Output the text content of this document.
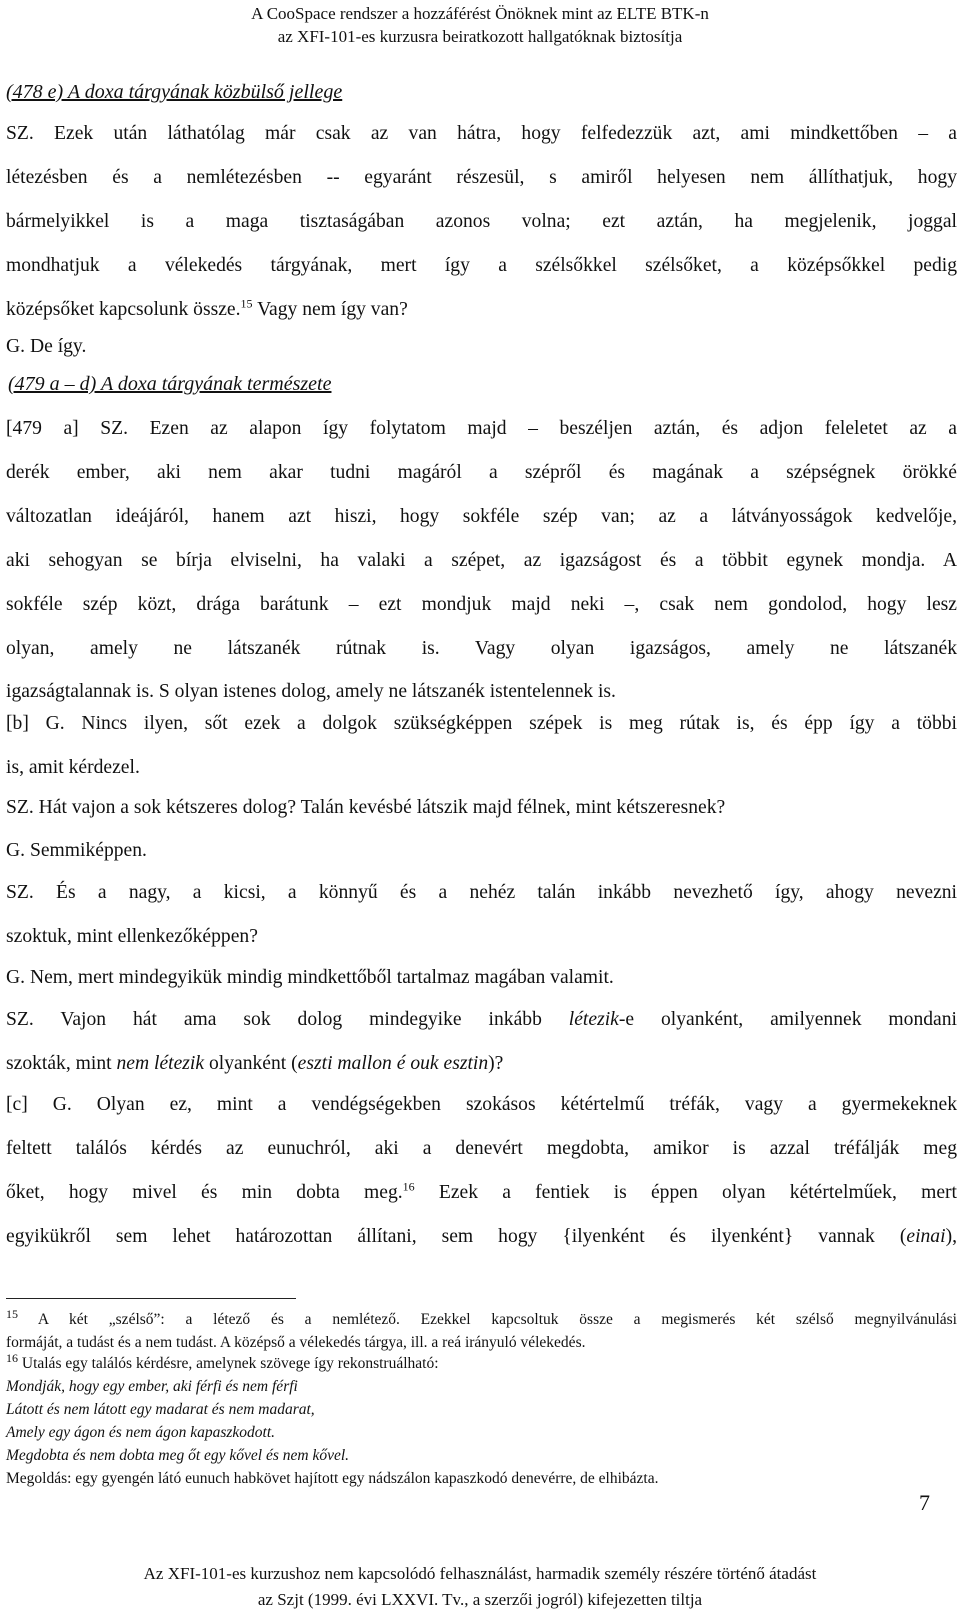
A CooSpace rendszer a hozzáférést Önöknek mint az ELTE BTK-n
az XFI-101-es kurzusra beiratkozott hallgatóknak biztosítja
(478 e) A doxa tárgyának közbülső jellege
SZ. Ezek után láthatólag már csak az van hátra, hogy felfedezzük azt, ami mindkettőben – a
létezésben és a nemlétezésben -- egyaránt részesül, s amiről helyesen nem állíthatjuk, hogy
bármelyikkel is a maga tisztaságában azonos volna; ezt aztán, ha megjelenik, joggal
mondhatjuk a vélekedés tárgyának, mert így a szélsőkkel szélsőket, a középsőkkel pedig
középsőket kapcsolunk össze.$^{15}$ Vagy nem így van?
G. De így.
(479 a – d) A doxa tárgyának természete
[479 a] SZ. Ezen az alapon így folytatom majd – beszéljen aztán, és adjon feleletet az a
derék ember, aki nem akar tudni magáról a szépről és magának a szépségnek örökké
változatlan ideájáról, hanem azt hiszi, hogy sokféle szép van; az a látványosságok kedvelője,
aki sehogyan se bírja elviselni, ha valaki a szépet, az igazságost és a többit egynek mondja. A
sokféle szép közt, drága barátunk – ezt mondjuk majd neki –, csak nem gondolod, hogy lesz
olyan, amely ne látszanék rútnak is. Vagy olyan igazságos, amely ne látszanék
igazságtalannak is. S olyan istenes dolog, amely ne látszanék istentelennek is.
[b] G. Nincs ilyen, sőt ezek a dolgok szükségképpen szépek is meg rútak is, és épp így a többi
is, amit kérdezel.
SZ. Hát vajon a sok kétszeres dolog? Talán kevésbé látszik majd félnek, mint kétszeresnek?
G. Semmiképpen.
SZ. És a nagy, a kicsi, a könnyű és a nehéz talán inkább nevezhető így, ahogy nevezni
szoktuk, mint ellenkezőképpen?
G. Nem, mert mindegyikük mindig mindkettőből tartalmaz magában valamit.
SZ. Vajon hát ama sok dolog mindegyike inkább létezik-e olyanként, amilyennek mondani
szokták, mint nem létezik olyanként (eszti mallon é ouk esztin)?
[c] G. Olyan ez, mint a vendégségekben szokásos kétértelmű tréfák, vagy a gyermekeknek
feltett találós kérdés az eunuchról, aki a denevért megdobta, amikor is azzal tréfálják meg
őket, hogy mivel és min dobta meg.$^{16}$ Ezek a fentiek is éppen olyan kétértelműek, mert
egyikükről sem lehet határozottan állítani, sem hogy {ilyenként és ilyenként} vannak (einai),
$^{15}$ A két „szélső”: a létező és a nemlétező. Ezekkel kapcsoltuk össze a megismerés két szélső megnyilvánulási
formáját, a tudást és a nem tudást. A középső a vélekedés tárgya, ill. a reá irányuló vélekedés.
$^{16}$ Utalás egy találós kérdésre, amelynek szövege így rekonstruálható:
Mondják, hogy egy ember, aki férfi és nem férfi
Látott és nem látott egy madarat és nem madarat,
Amely egy ágon és nem ágon kapaszkodott.
Megdobta és nem dobta meg őt egy kővel és nem kővel.
Megoldás: egy gyengén látó eunuch habkövet hajított egy nádszálon kapaszkodó denevérre, de elhibázta.
7
Az XFI-101-es kurzushoz nem kapcsolódó felhasználást, harmadik személy részére történő átadást
az Szjt (1999. évi LXXVI. Tv., a szerzői jogról) kifejezetten tiltja
